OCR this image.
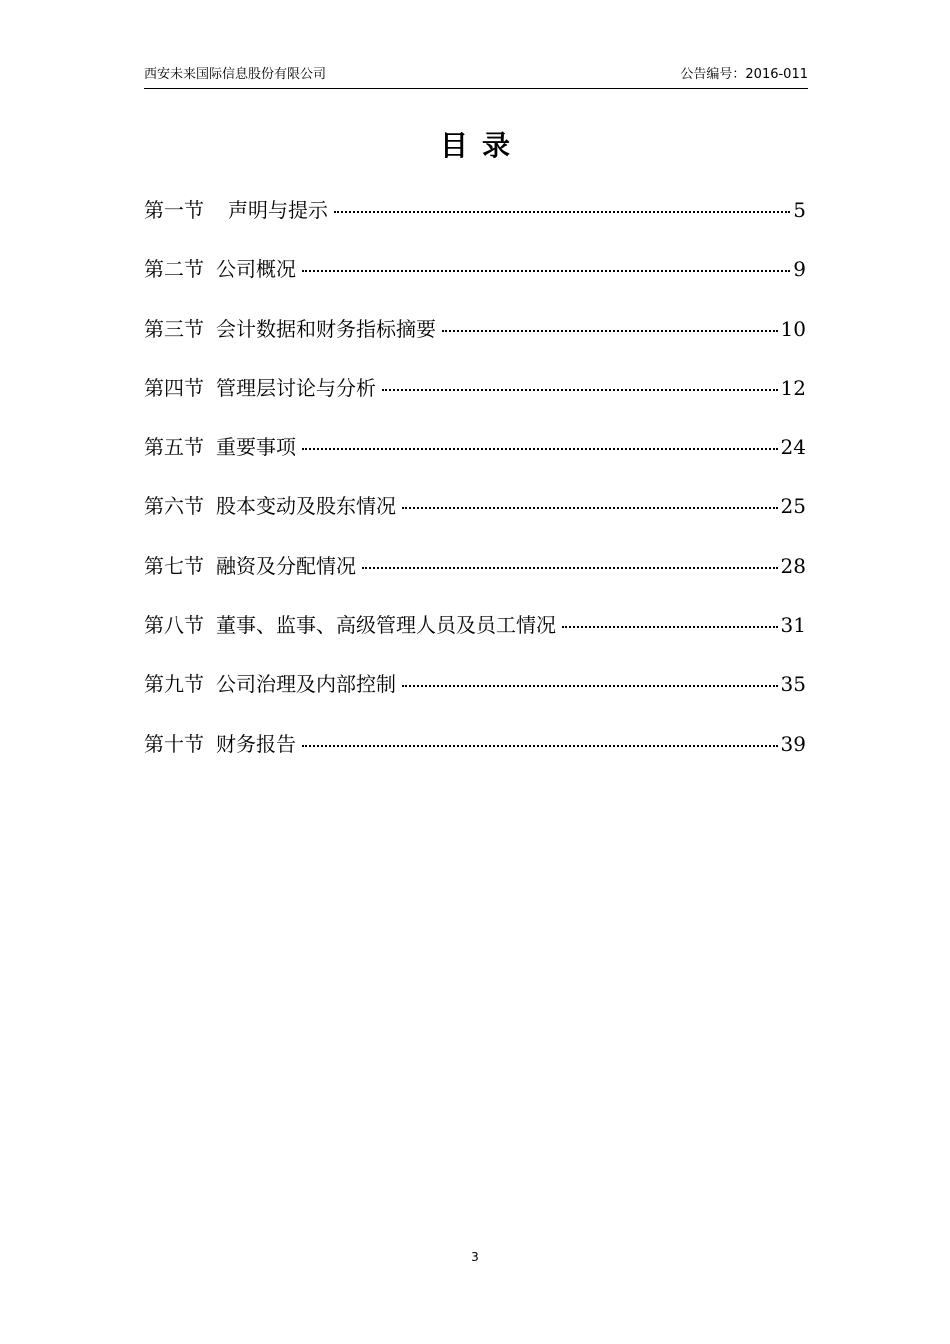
西安未来国际信息股份有限公司	公告编号：2016-011
目录
第一节 声明与提示	5
第二节 公司概况	9
第三节 会计数据和财务指标摘要	10
第四节 管理层讨论与分析	12
第五节 重要事项	24
第六节 股本变动及股东情况	25
第七节 融资及分配情况	28
第八节 董事、监事、高级管理人员及员工情况	31
第九节 公司治理及内部控制	35
第十节 财务报告	39
3
